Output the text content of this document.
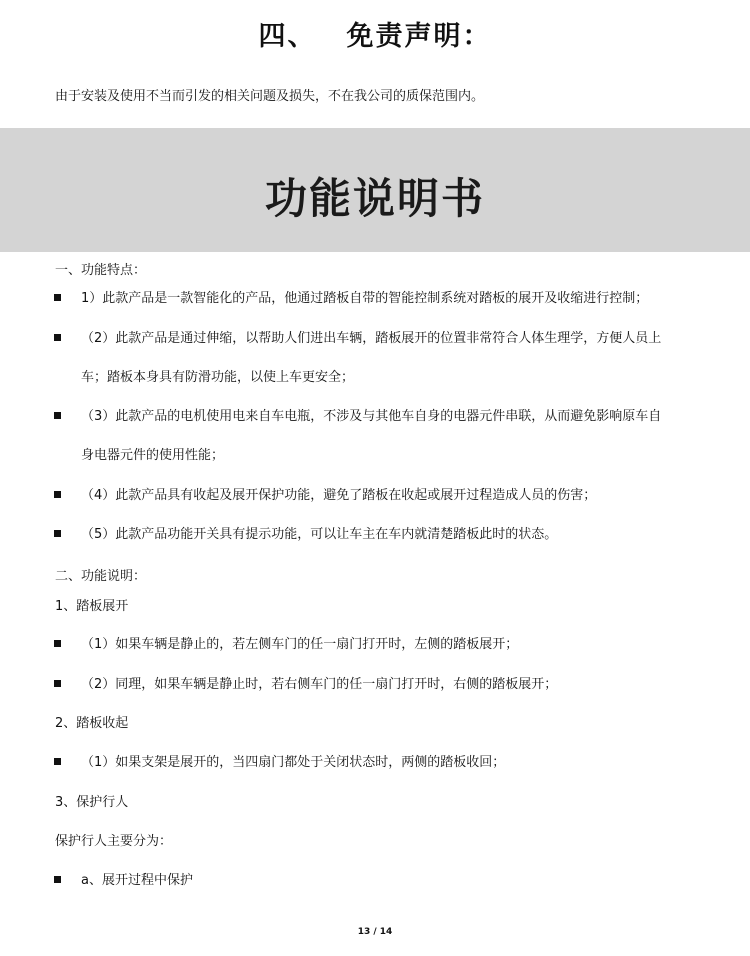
四、 免责声明：
由于安装及使用不当而引发的相关问题及损失，不在我公司的质保范围内。
功能说明书
一、功能特点：
1）此款产品是一款智能化的产品，他通过踏板自带的智能控制系统对踏板的展开及收缩进行控制；
（2）此款产品是通过伸缩，以帮助人们进出车辆，踏板展开的位置非常符合人体生理学，方便人员上
车；踏板本身具有防滑功能，以使上车更安全；
（3）此款产品的电机使用电来自车电瓶，不涉及与其他车自身的电器元件串联，从而避免影响原车自
身电器元件的使用性能；
（4）此款产品具有收起及展开保护功能，避免了踏板在收起或展开过程造成人员的伤害；
（5）此款产品功能开关具有提示功能，可以让车主在车内就清楚踏板此时的状态。
二、功能说明：
1、踏板展开
（1）如果车辆是静止的，若左侧车门的任一扇门打开时，左侧的踏板展开；
（2）同理，如果车辆是静止时，若右侧车门的任一扇门打开时，右侧的踏板展开；
2、踏板收起
（1）如果支架是展开的，当四扇门都处于关闭状态时，两侧的踏板收回；
3、保护行人
保护行人主要分为：
a、展开过程中保护
13 / 14
